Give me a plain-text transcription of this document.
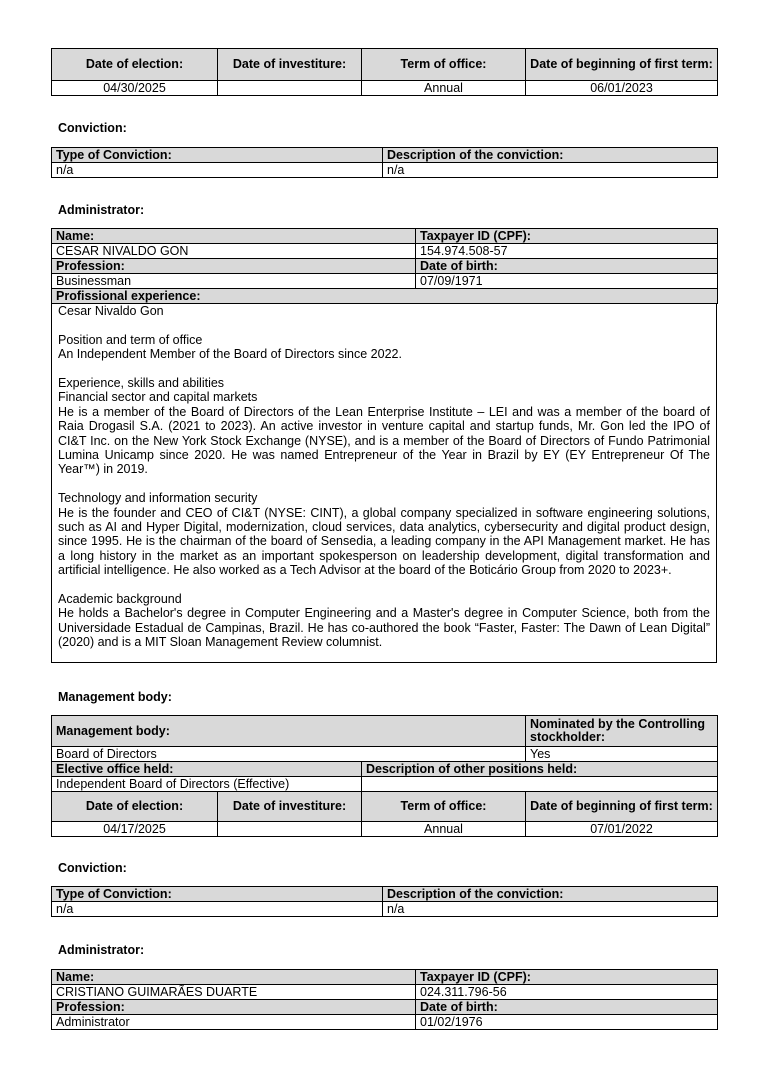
Date of election:	Date of investiture:	Term of office:	Date of beginning of first term:
04/30/2025		Annual	06/01/2023

Conviction:

Type of Conviction:	Description of the conviction:
n/a	n/a

Administrator:

Name:	Taxpayer ID (CPF):
CESAR NIVALDO GON	154.974.508-57
Profession:	Date of birth:
Businessman	07/09/1971
Profissional experience:	

Cesar Nivaldo Gon

Position and term of office

An Independent Member of the Board of Directors since 2022.

Experience, skills and abilities

Financial sector and capital markets

He is a member of the Board of Directors of the Lean Enterprise Institute – LEI and was a member of the board of Raia Drogasil S.A. (2021 to 2023). An active investor in venture capital and startup funds, Mr. Gon led the IPO of CI&T Inc. on the New York Stock Exchange (NYSE), and is a member of the Board of Directors of Fundo Patrimonial Lumina Unicamp since 2020. He was named Entrepreneur of the Year in Brazil by EY (EY Entrepreneur Of The Year™) in 2019.

Technology and information security

He is the founder and CEO of CI&T (NYSE: CINT), a global company specialized in software engineering solutions, such as AI and Hyper Digital, modernization, cloud services, data analytics, cybersecurity and digital product design, since 1995. He is the chairman of the board of Sensedia, a leading company in the API Management market. He has a long history in the market as an important spokesperson on leadership development, digital transformation and artificial intelligence. He also worked as a Tech Advisor at the board of the Boticário Group from 2020 to 2023+.

Academic background

He holds a Bachelor's degree in Computer Engineering and a Master's degree in Computer Science, both from the Universidade Estadual de Campinas, Brazil. He has co-authored the book “Faster, Faster: The Dawn of Lean Digital” (2020) and is a MIT Sloan Management Review columnist.

Management body:

Management body:			Nominated by the Controlling stockholder:
Board of Directors			Yes
Elective office held:		Description of other positions held:	
Independent Board of Directors (Effective)			
Date of election:	Date of investiture:	Term of office:	Date of beginning of first term:
04/17/2025		Annual	07/01/2022

Conviction:

Type of Conviction:	Description of the conviction:
n/a	n/a

Administrator:

Name:	Taxpayer ID (CPF):
CRISTIANO GUIMARÃES DUARTE	024.311.796-56
Profession:	Date of birth:
Administrator	01/02/1976
